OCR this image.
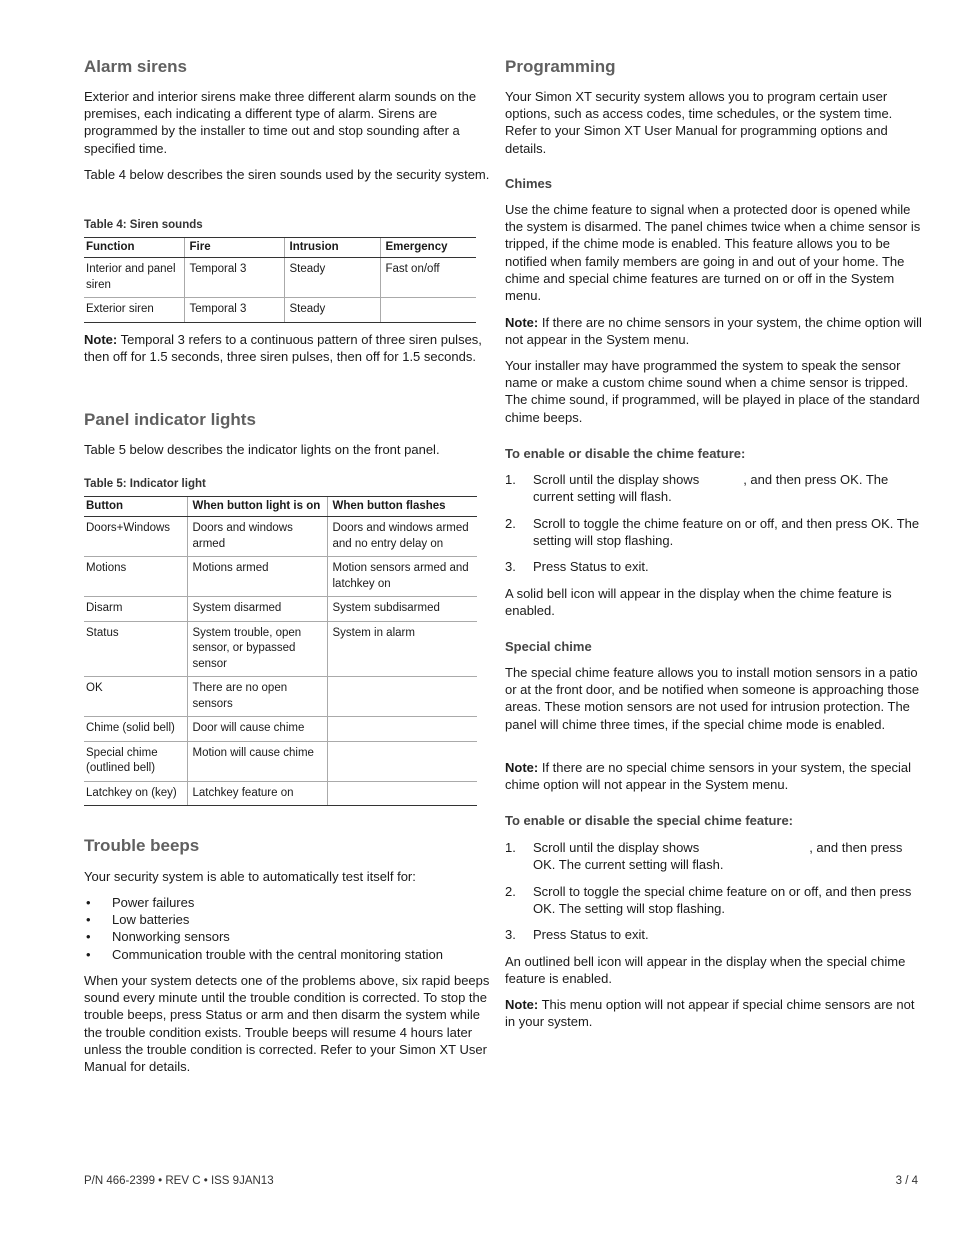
Alarm sirens

Exterior and interior sirens make three different alarm sounds on the premises, each indicating a different type of alarm. Sirens are programmed by the installer to time out and stop sounding after a specified time.

Table 4 below describes the siren sounds used by the security system.

Table 4: Siren sounds
Function	Fire	Intrusion	Emergency
Interior and panel siren	Temporal 3	Steady	Fast on/off
Exterior siren	Temporal 3	Steady	

Note: Temporal 3 refers to a continuous pattern of three siren pulses, then off for 1.5 seconds, three siren pulses, then off for 1.5 seconds.

Panel indicator lights

Table 5 below describes the indicator lights on the front panel.

Table 5: Indicator light
Button	When button light is on	When button flashes
Doors+Windows	Doors and windows armed	Doors and windows armed and no entry delay on
Motions	Motions armed	Motion sensors armed and latchkey on
Disarm	System disarmed	System subdisarmed
Status	System trouble, open sensor, or bypassed sensor	System in alarm
OK	There are no open sensors	
Chime (solid bell)	Door will cause chime	
Special chime (outlined bell)	Motion will cause chime	
Latchkey on (key)	Latchkey feature on	
Trouble beeps

Your security system is able to automatically test itself for:

• Power failures
• Low batteries
• Nonworking sensors
• Communication trouble with the central monitoring station

When your system detects one of the problems above, six rapid beeps sound every minute until the trouble condition is corrected. To stop the trouble beeps, press Status or arm and then disarm the system while the trouble condition exists. Trouble beeps will resume 4 hours later unless the trouble condition is corrected. Refer to your Simon XT User Manual for details.

Programming

Your Simon XT security system allows you to program certain user options, such as access codes, time schedules, or the system time. Refer to your Simon XT User Manual for programming options and details.

Chimes

Use the chime feature to signal when a protected door is opened while the system is disarmed. The panel chimes twice when a chime sensor is tripped, if the chime mode is enabled. This feature allows you to be notified when family members are going in and out of your home. The chime and special chime features are turned on or off in the System menu.

Note: If there are no chime sensors in your system, the chime option will not appear in the System menu.

Your installer may have programmed the system to speak the sensor name or make a custom chime sound when a chime sensor is tripped. The chime sound, if programmed, will be played in place of the standard chime beeps.

To enable or disable the chime feature:
1.	Scroll until the display shows	, and then press OK. The current setting will flash.
2.	Scroll to toggle the chime feature on or off, and then press OK. The setting will stop flashing.
3.	Press Status to exit.

A solid bell icon will appear in the display when the chime feature is enabled.

Special chime

The special chime feature allows you to install motion sensors in a patio or at the front door, and be notified when someone is approaching those areas. These motion sensors are not used for intrusion protection. The panel will chime three times, if the special chime mode is enabled.

Note: If there are no special chime sensors in your system, the special chime option will not appear in the System menu.

To enable or disable the special chime feature:
1.	Scroll until the display shows	, and then press OK. The current setting will flash.
2.	Scroll to toggle the special chime feature on or off, and then press OK. The setting will stop flashing.
3.	Press Status to exit.

An outlined bell icon will appear in the display when the special chime feature is enabled.

Note: This menu option will not appear if special chime sensors are not in your system.

P/N 466-2399 • REV C • ISS 9JAN13	3 / 4
